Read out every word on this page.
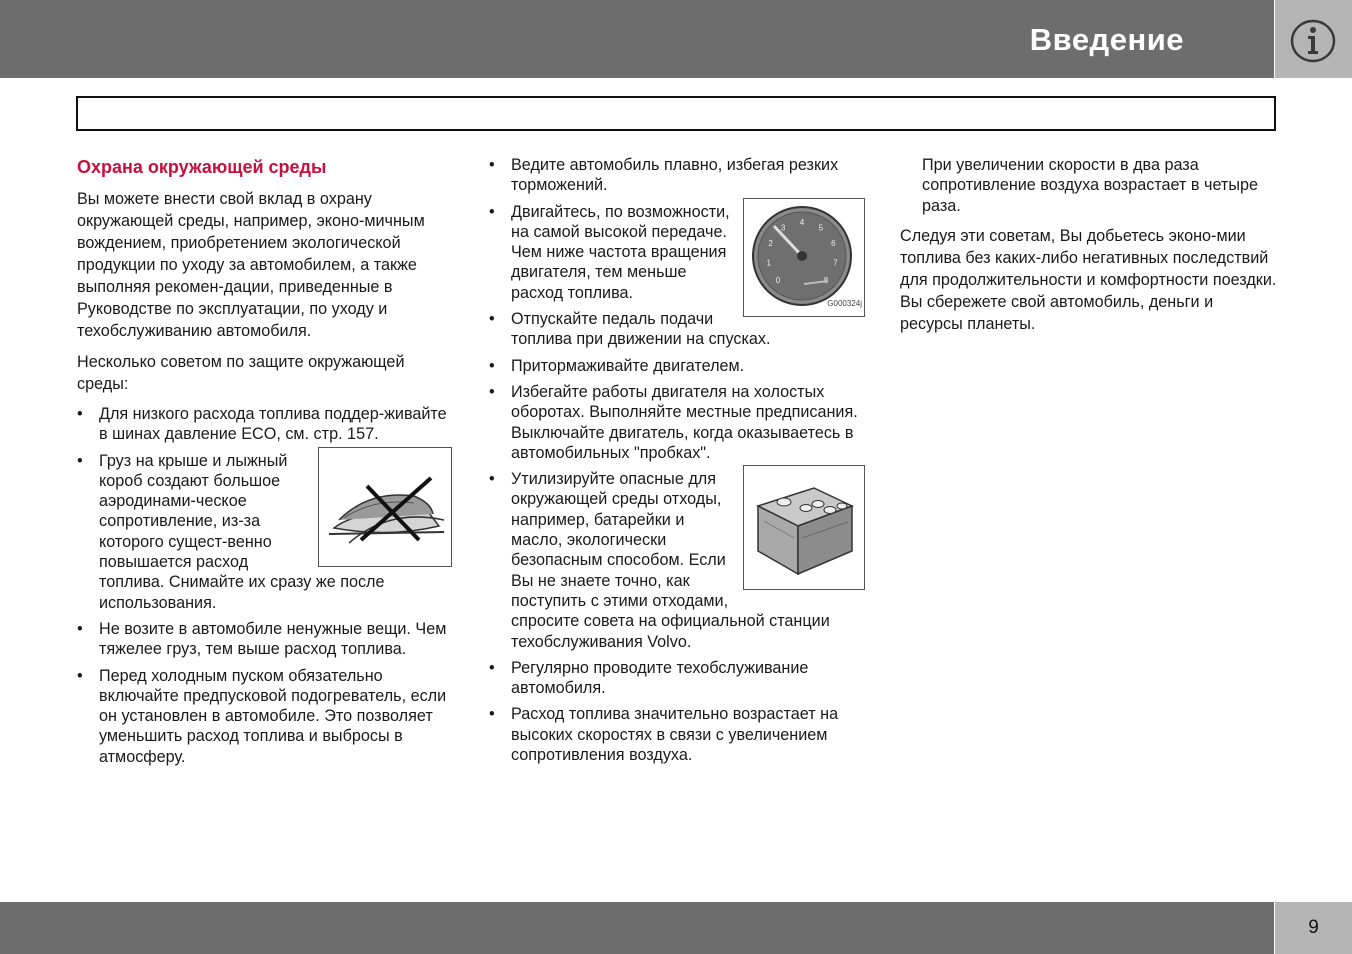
Введение
Охрана окружающей среды

Вы можете внести свой вклад в охрану окружающей среды, например, эконо-мичным вождением, приобретением экологической продукции по уходу за автомобилем, а также выполняя рекомен-дации, приведенные в Руководстве по эксплуатации, по уходу и техобслуживанию автомобиля.

Несколько советом по защите окружающей среды:

• Для низкого расхода топлива поддер-живайте в шинах давление ECO, см. стр. 157.
• Груз на крыше и лыжный короб создают большое аэродинами-ческое сопротивление, из-за которого сущест-венно повышается расход топлива. Снимайте их сразу же после использования.
• Не возите в автомобиле ненужные вещи. Чем тяжелее груз, тем выше расход топлива.
• Перед холодным пуском обязательно включайте предпусковой подогреватель, если он установлен в автомобиле. Это позволяет уменьшить расход топлива и выбросы в атмосферу.
• Ведите автомобиль плавно, избегая резких торможений.
• 0
1
2
3
4
5
6
7
G000324j
Двигайтесь, по возможности, на самой высокой передаче. Чем ниже частота вращения двигателя, тем меньше расход топлива.
• Отпускайте педаль подачи топлива при движении на спусках.
• Притормаживайте двигателем.
• Избегайте работы двигателя на холостых оборотах. Выполняйте местные предписания. Выключайте двигатель, когда оказываетесь в автомобильных "пробках".
• Утилизируйте опасные для окружающей среды отходы, например, батарейки и масло, экологически безопасным способом. Если Вы не знаете точно, как поступить с этими отходами, спросите совета на официальной станции техобслуживания Volvo.
• Регулярно проводите техобслуживание автомобиля.
• Расход топлива значительно возрастает на высоких скоростях в связи с увеличением сопротивления воздуха.

При увеличении скорости в два раза сопротивление воздуха возрастает в четыре раза.

Следуя эти советам, Вы добьетесь эконо-мии топлива без каких-либо негативных последствий для продолжительности и комфортности поездки. Вы сбережете свой автомобиль, деньги и ресурсы планеты.

9
